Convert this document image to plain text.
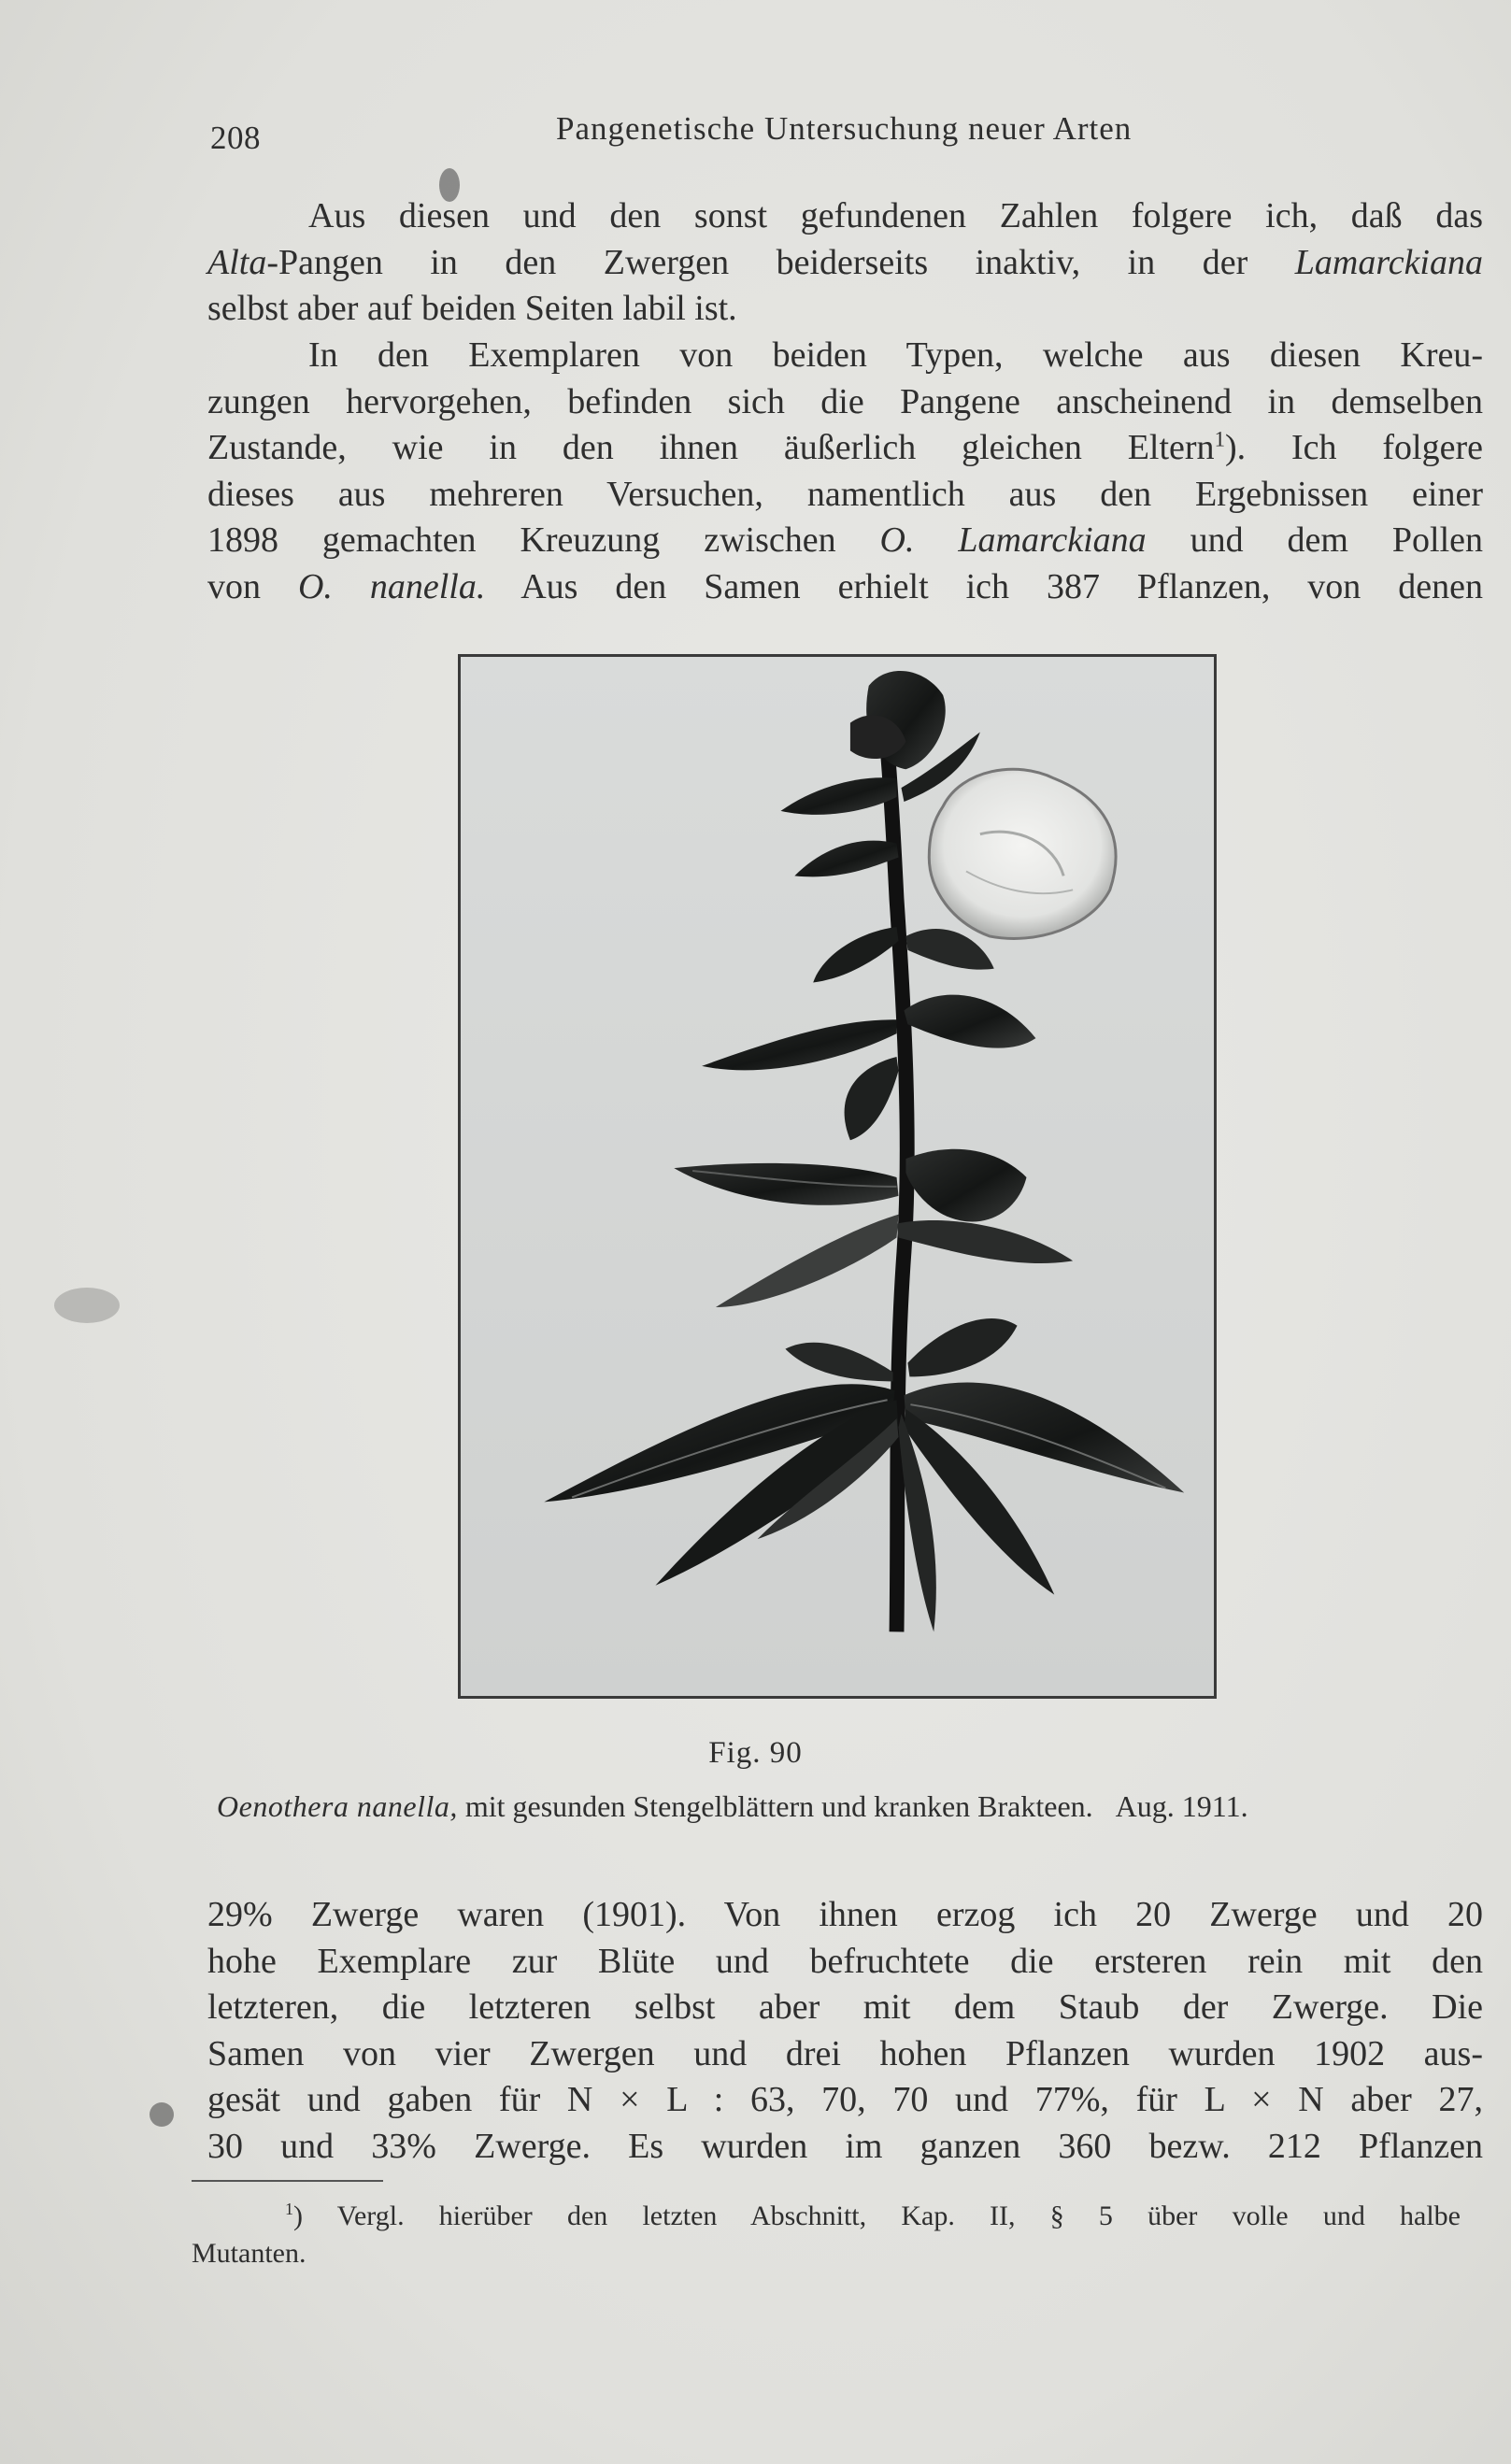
208	Pangenetische Untersuchung neuer Arten
Aus diesen und den sonst gefundenen Zahlen folgere ich, daß das
Alta-Pangen in den Zwergen beiderseits inaktiv, in der Lamarckiana
selbst aber auf beiden Seiten labil ist.
In den Exemplaren von beiden Typen, welche aus diesen Kreu-
zungen hervorgehen, befinden sich die Pangene anscheinend in demselben
Zustande, wie in den ihnen äußerlich gleichen Eltern$^1$). Ich folgere
dieses aus mehreren Versuchen, namentlich aus den Ergebnissen einer
1898 gemachten Kreuzung zwischen O. Lamarckiana und dem Pollen
von O. nanella. Aus den Samen erhielt ich 387 Pflanzen, von denen
Fig. 90
Oenothera nanella, mit gesunden Stengelblättern und kranken Brakteen. Aug. 1911.
29% Zwerge waren (1901). Von ihnen erzog ich 20 Zwerge und 20
hohe Exemplare zur Blüte und befruchtete die ersteren rein mit den
letzteren, die letzteren selbst aber mit dem Staub der Zwerge. Die
Samen von vier Zwergen und drei hohen Pflanzen wurden 1902 aus-
gesät und gaben für N × L : 63, 70, 70 und 77%, für L × N aber 27,
30 und 33% Zwerge. Es wurden im ganzen 360 bezw. 212 Pflanzen
$^1$) Vergl. hierüber den letzten Abschnitt, Kap. II, § 5 über volle und halbe
Mutanten.
